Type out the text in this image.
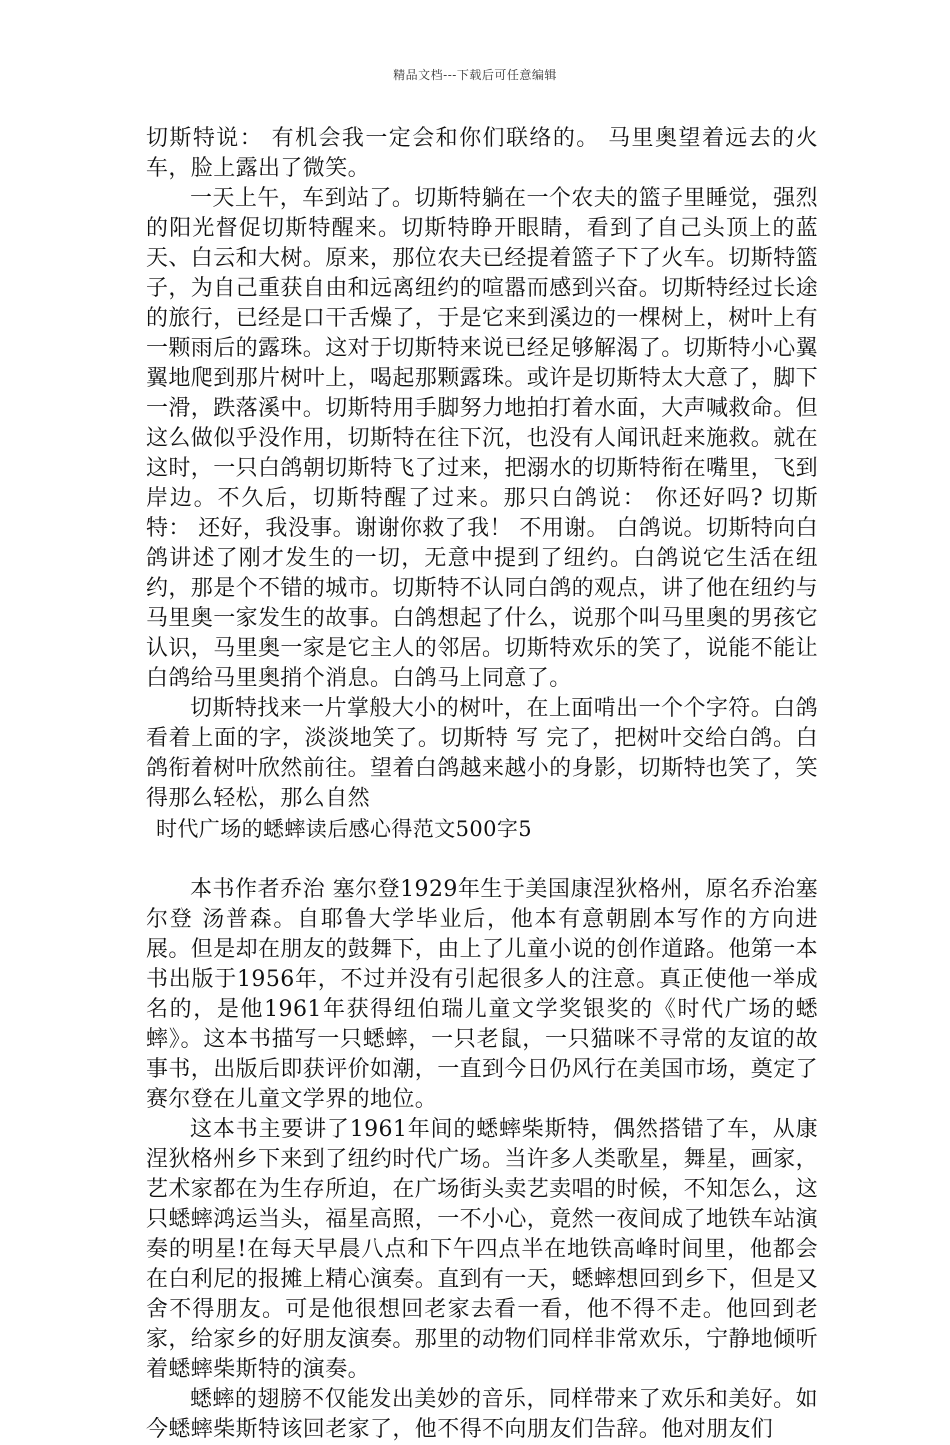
精品文档---下载后可任意编辑

切斯特说： 有机会我一定会和你们联络的。 马里奥望着远去的火车，脸上露出了微笑。

一天上午，车到站了。切斯特躺在一个农夫的篮子里睡觉，强烈的阳光督促切斯特醒来。切斯特睁开眼睛，看到了自己头顶上的蓝天、白云和大树。原来，那位农夫已经提着篮子下了火车。切斯特篮子，为自己重获自由和远离纽约的喧嚣而感到兴奋。切斯特经过长途的旅行，已经是口干舌燥了，于是它来到溪边的一棵树上，树叶上有一颗雨后的露珠。这对于切斯特来说已经足够解渴了。切斯特小心翼翼地爬到那片树叶上，喝起那颗露珠。或许是切斯特太大意了，脚下一滑，跌落溪中。切斯特用手脚努力地拍打着水面，大声喊救命。但这么做似乎没作用，切斯特在往下沉，也没有人闻讯赶来施救。就在这时，一只白鸽朝切斯特飞了过来，把溺水的切斯特衔在嘴里，飞到岸边。不久后，切斯特醒了过来。那只白鸽说： 你还好吗? 切斯特： 还好，我没事。谢谢你救了我！ 不用谢。 白鸽说。切斯特向白鸽讲述了刚才发生的一切，无意中提到了纽约。白鸽说它生活在纽约，那是个不错的城市。切斯特不认同白鸽的观点，讲了他在纽约与马里奥一家发生的故事。白鸽想起了什么，说那个叫马里奥的男孩它认识，马里奥一家是它主人的邻居。切斯特欢乐的笑了，说能不能让白鸽给马里奥捎个消息。白鸽马上同意了。

切斯特找来一片掌般大小的树叶，在上面啃出一个个字符。白鸽看着上面的字，淡淡地笑了。切斯特 写 完了，把树叶交给白鸽。白鸽衔着树叶欣然前往。望着白鸽越来越小的身影，切斯特也笑了，笑得那么轻松，那么自然

时代广场的蟋蟀读后感心得范文500字5

本书作者乔治 塞尔登1929年生于美国康涅狄格州，原名乔治塞尔登 汤普森。自耶鲁大学毕业后，他本有意朝剧本写作的方向进展。但是却在朋友的鼓舞下，由上了儿童小说的创作道路。他第一本书出版于1956年，不过并没有引起很多人的注意。真正使他一举成名的，是他1961年获得纽伯瑞儿童文学奖银奖的《时代广场的蟋蟀》。这本书描写一只蟋蟀，一只老鼠，一只猫咪不寻常的友谊的故事书，出版后即获评价如潮，一直到今日仍风行在美国市场，奠定了赛尔登在儿童文学界的地位。

这本书主要讲了1961年间的蟋蟀柴斯特，偶然搭错了车，从康涅狄格州乡下来到了纽约时代广场。当许多人类歌星，舞星，画家，艺术家都在为生存所迫，在广场街头卖艺卖唱的时候，不知怎么，这只蟋蟀鸿运当头，福星高照，一不小心，竟然一夜间成了地铁车站演奏的明星!在每天早晨八点和下午四点半在地铁高峰时间里，他都会在白利尼的报摊上精心演奏。直到有一天，蟋蟀想回到乡下，但是又舍不得朋友。可是他很想回老家去看一看，他不得不走。他回到老家，给家乡的好朋友演奏。那里的动物们同样非常欢乐，宁静地倾听着蟋蟀柴斯特的演奏。

蟋蟀的翅膀不仅能发出美妙的音乐，同样带来了欢乐和美好。如今蟋蟀柴斯特该回老家了，他不得不向朋友们告辞。他对朋友们
